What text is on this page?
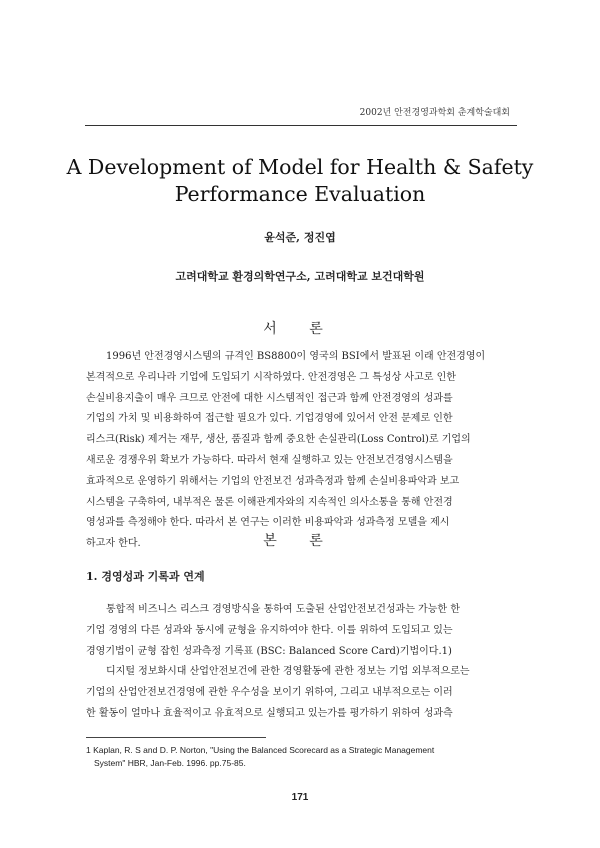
2002년 안전경영과학회 춘계학술대회
A Development of Model for Health & Safety
Performance Evaluation
윤석준, 정진엽
고려대학교 환경의학연구소, 고려대학교 보건대학원
서 론
1996년 안전경영시스템의 규격인 BS8800이 영국의 BSI에서 발표된 이래 안전경영이
본격적으로 우리나라 기업에 도입되기 시작하였다. 안전경영은 그 특성상 사고로 인한
손실비용지출이 매우 크므로 안전에 대한 시스템적인 접근과 함께 안전경영의 성과를
기업의 가치 및 비용화하여 접근할 필요가 있다. 기업경영에 있어서 안전 문제로 인한
리스크(Risk) 제거는 재무, 생산, 품질과 함께 중요한 손실관리(Loss Control)로 기업의
새로운 경쟁우위 확보가 가능하다. 따라서 현재 실행하고 있는 안전보건경영시스템을
효과적으로 운영하기 위해서는 기업의 안전보건 성과측정과 함께 손실비용파악과 보고
시스템을 구축하여, 내부적은 물론 이해관계자와의 지속적인 의사소통을 통해 안전경
영성과를 측정해야 한다. 따라서 본 연구는 이러한 비용파악과 성과측정 모델을 제시
하고자 한다.	본 론
1. 경영성과 기록과 연계
통합적 비즈니스 리스크 경영방식을 통하여 도출된 산업안전보건성과는 가능한 한
기업 경영의 다른 성과와 동시에 균형을 유지하여야 한다. 이를 위하여 도입되고 있는
경영기법이 균형 잡힌 성과측정 기록표 (BSC: Balanced Score Card)기법이다.1)
디지털 정보화시대 산업안전보건에 관한 경영활동에 관한 정보는 기업 외부적으로는
기업의 산업안전보건경영에 관한 우수성을 보이기 위하여, 그리고 내부적으로는 이러
한 활동이 얼마나 효율적이고 유효적으로 실행되고 있는가를 평가하기 위하여 성과측
1 Kaplan, R. S and D. P. Norton, "Using the Balanced Scorecard as a Strategic Management
System" HBR, Jan-Feb. 1996. pp.75-85.
171
